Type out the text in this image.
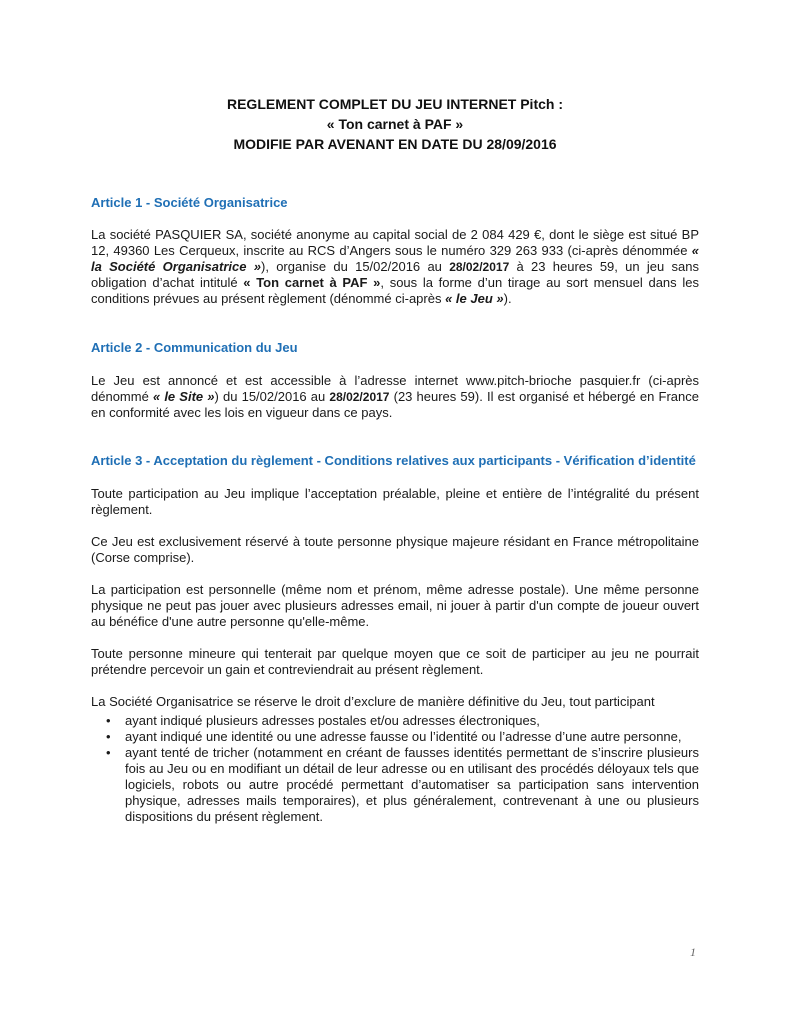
REGLEMENT COMPLET DU JEU INTERNET Pitch :
« Ton carnet à PAF »
MODIFIE PAR AVENANT EN DATE DU 28/09/2016
Article 1 - Société Organisatrice

La société PASQUIER SA, société anonyme au capital social de 2 084 429 €, dont le siège est situé BP 12, 49360 Les Cerqueux, inscrite au RCS d’Angers sous le numéro 329 263 933 (ci-après dénommée « la Société Organisatrice »), organise du 15/02/2016 au 28/02/2017 à 23 heures 59, un jeu sans obligation d’achat intitulé « Ton carnet à PAF », sous la forme d’un tirage au sort mensuel dans les conditions prévues au présent règlement (dénommé ci-après « le Jeu »).

Article 2 - Communication du Jeu

Le Jeu est annoncé et est accessible à l’adresse internet www.pitch-brioche pasquier.fr (ci-après dénommé « le Site ») du 15/02/2016 au 28/02/2017 (23 heures 59). Il est organisé et hébergé en France en conformité avec les lois en vigueur dans ce pays.

Article 3 - Acceptation du règlement - Conditions relatives aux participants - Vérification d’identité

Toute participation au Jeu implique l’acceptation préalable, pleine et entière de l’intégralité du présent règlement.

Ce Jeu est exclusivement réservé à toute personne physique majeure résidant en France métropolitaine (Corse comprise).

La participation est personnelle (même nom et prénom, même adresse postale). Une même personne physique ne peut pas jouer avec plusieurs adresses email, ni jouer à partir d'un compte de joueur ouvert au bénéfice d'une autre personne qu'elle-même.

Toute personne mineure qui tenterait par quelque moyen que ce soit de participer au jeu ne pourrait prétendre percevoir un gain et contreviendrait au présent règlement.

La Société Organisatrice se réserve le droit d’exclure de manière définitive du Jeu, tout participant

• ayant indiqué plusieurs adresses postales et/ou adresses électroniques,
• ayant indiqué une identité ou une adresse fausse ou l’identité ou l’adresse d’une autre personne,
• ayant tenté de tricher (notamment en créant de fausses identités permettant de s’inscrire plusieurs fois au Jeu ou en modifiant un détail de leur adresse ou en utilisant des procédés déloyaux tels que logiciels, robots ou autre procédé permettant d’automatiser sa participation sans intervention physique, adresses mails temporaires), et plus généralement, contrevenant à une ou plusieurs dispositions du présent règlement.
1
